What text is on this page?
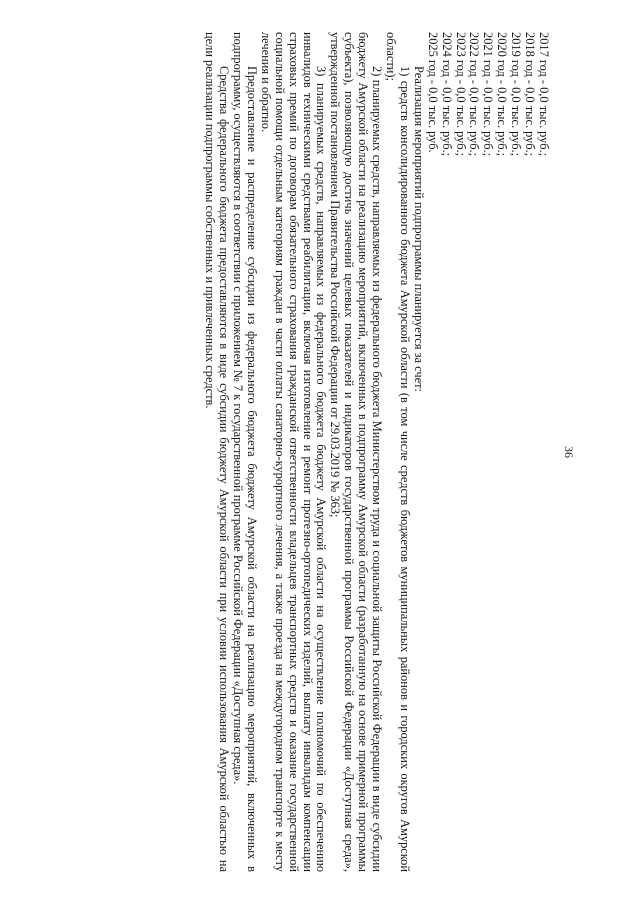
36

2017 год - 0,0 тыс. руб.;

2018 год - 0,0 тыс. руб.;

2019 год - 0,0 тыс. руб.;

2020 год - 0,0 тыс. руб.;

2021 год - 0,0 тыс. руб.;

2022 год - 0,0 тыс. руб.;

2023 год - 0,0 тыс. руб.;

2024 год - 0,0 тыс. руб.;

2025 год - 0,0 тыс. руб.

Реализация мероприятий подпрограммы планируется за счет:

1) средств консолидированного бюджета Амурской области (в том числе средств бюджетов муниципальных районов и городских округов Амурской области);

2) планируемых средств, направляемых из федерального бюджета Министерством труда и социальной защиты Российской Федерации в виде субсидии бюджету Амурской области на реализацию мероприятий, включенных в подпрограмму Амурской области (разработанную на основе примерной программы субъекта), позволяющую достичь значений целевых показателей и индикаторов государственной программы Российской Федерации «Доступная среда», утвержденной постановлением Правительства Российской Федерации от 29.03.2019 № 363;

3) планируемых средств, направляемых из федерального бюджета бюджету Амурской области на осуществление полномочий по обеспечению инвалидов техническими средствами реабилитации, включая изготовление и ремонт протезно-ортопедических изделий, выплату инвалидам компенсации страховых премий по договорам обязательного страхования гражданской ответственности владельцев транспортных средств и оказание государственной социальной помощи отдельным категориям граждан в части оплаты санаторно-курортного лечения, а также проезда на междугородном транспорте к месту лечения и обратно.

Предоставление и распределение субсидии из федерального бюджета бюджету Амурской области на реализацию мероприятий, включенных в подпрограмму, осуществляются в соответствии с приложением № 7 к государственной программе Российской Федерации «Доступная среда».

Средства федерального бюджета предоставляются в виде субсидии бюджету Амурской области при условии использования Амурской областью на цели реализации подпрограммы собственных и привлеченных средств.
